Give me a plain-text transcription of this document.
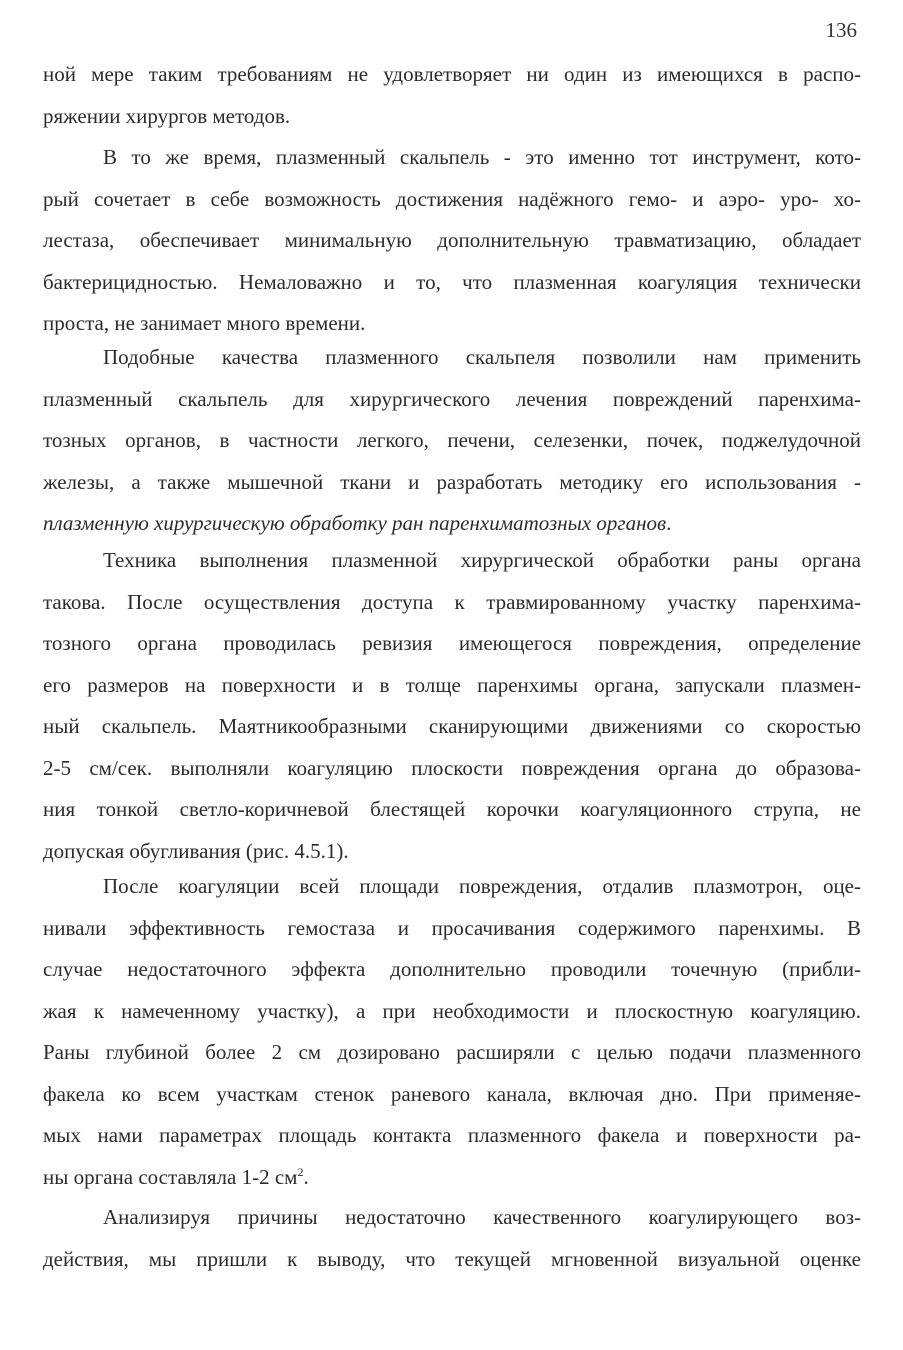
136
ной мере таким требованиям не удовлетворяет ни один из имеющихся в распо-
ряжении хирургов методов.
В то же время, плазменный скальпель - это именно тот инструмент, кото-
рый сочетает в себе возможность достижения надёжного гемо- и аэро- уро- хо-
лестаза, обеспечивает минимальную дополнительную травматизацию, обладает
бактерицидностью. Немаловажно и то, что плазменная коагуляция технически
проста, не занимает много времени.
Подобные качества плазменного скальпеля позволили нам применить
плазменный скальпель для хирургического лечения повреждений паренхима-
тозных органов, в частности легкого, печени, селезенки, почек, поджелудочной
железы, а также мышечной ткани и разработать методику его использования -
плазменную хирургическую обработку ран паренхиматозных органов.
Техника выполнения плазменной хирургической обработки раны органа
такова. После осуществления доступа к травмированному участку паренхима-
тозного органа проводилась ревизия имеющегося повреждения, определение
его размеров на поверхности и в толще паренхимы органа, запускали плазмен-
ный скальпель. Маятникообразными сканирующими движениями со скоростью
2-5 см/сек. выполняли коагуляцию плоскости повреждения органа до образова-
ния тонкой светло-коричневой блестящей корочки коагуляционного струпа, не
допуская обугливания (рис. 4.5.1).
После коагуляции всей площади повреждения, отдалив плазмотрон, оце-
нивали эффективность гемостаза и просачивания содержимого паренхимы. В
случае недостаточного эффекта дополнительно проводили точечную (прибли-
жая к намеченному участку), а при необходимости и плоскостную коагуляцию.
Раны глубиной более 2 см дозировано расширяли с целью подачи плазменного
факела ко всем участкам стенок раневого канала, включая дно. При применяе-
мых нами параметрах площадь контакта плазменного факела и поверхности ра-
ны органа составляла 1-2 $см^2$.
Анализируя причины недостаточно качественного коагулирующего воз-
действия, мы пришли к выводу, что текущей мгновенной визуальной оценке
